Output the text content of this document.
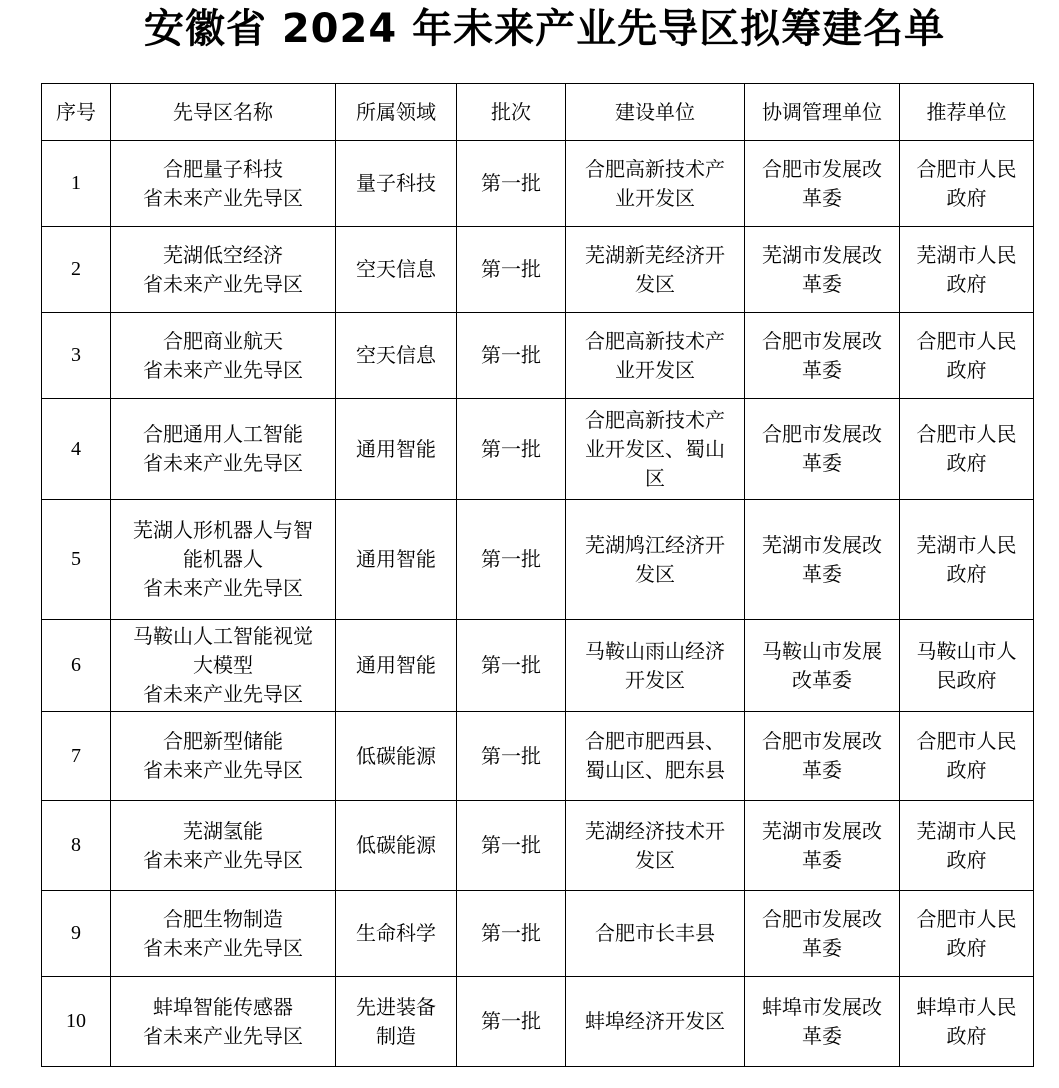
安徽省 2024 年未来产业先导区拟筹建名单
序号	先导区名称	所属领域	批次	建设单位	协调管理单位	推荐单位
1	合肥量子科技
省未来产业先导区	量子科技	第一批	合肥高新技术产
业开发区	合肥市发展改
革委	合肥市人民
政府

2	芜湖低空经济
省未来产业先导区	空天信息	第一批	芜湖新芜经济开
发区	芜湖市发展改
革委	芜湖市人民
政府

3	合肥商业航天
省未来产业先导区	空天信息	第一批	合肥高新技术产
业开发区	合肥市发展改
革委	合肥市人民
政府

4	合肥通用人工智能
省未来产业先导区	通用智能	第一批	合肥高新技术产
业开发区、蜀山
区	合肥市发展改
革委	合肥市人民
政府

5	芜湖人形机器人与智
能机器人
省未来产业先导区	通用智能	第一批	芜湖鸠江经济开
发区	芜湖市发展改
革委	芜湖市人民
政府

6	马鞍山人工智能视觉
大模型
省未来产业先导区	通用智能	第一批	马鞍山雨山经济
开发区	马鞍山市发展
改革委	马鞍山市人
民政府

7	合肥新型储能
省未来产业先导区	低碳能源	第一批	合肥市肥西县、
蜀山区、肥东县	合肥市发展改
革委	合肥市人民
政府

8	芜湖氢能
省未来产业先导区	低碳能源	第一批	芜湖经济技术开
发区	芜湖市发展改
革委	芜湖市人民
政府

9	合肥生物制造
省未来产业先导区	生命科学	第一批	合肥市长丰县	合肥市发展改
革委	合肥市人民
政府

10	蚌埠智能传感器
省未来产业先导区	先进装备
制造	第一批	蚌埠经济开发区	蚌埠市发展改
革委	蚌埠市人民
政府
